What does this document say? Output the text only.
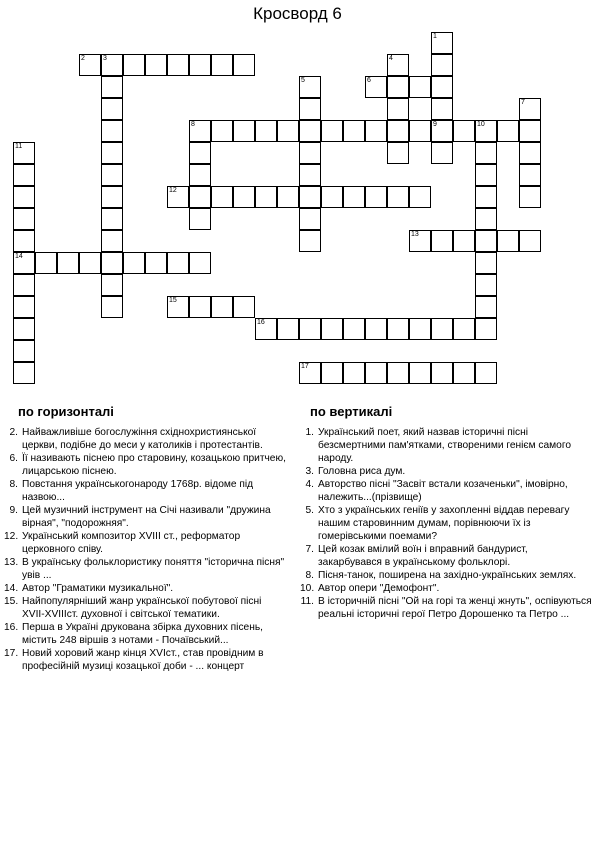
Кросворд 6
1
9
2	3	4
5	6
7
8	10
11
14
12
13
15
16
17
по горизонталі	по вертикалі
2. Найважливіше богослужіння східнохристиянської церкви, подібне до меси у католиків і протестантів.
6. Її називають піснею про старовину, козацькою притчею, лицарською піснею.
8. Повстання українськогонароду 1768р. відоме під назвою...
9. Цей музичний інструмент на Січі називали "дружина вірная", "подорожняя".
12. Український композитор XVIII ст., реформатор церковного співу.
13. В українську фольклористику поняття "історична пісня" увів ...
14. Автор "Граматики музикальної".
15. Найпопулярніший жанр української побутової пісні XVII-XVIIIст. духовної і світської тематики.
16. Перша в Україні друкована збірка духовних пісень, містить 248 віршів з нотами - Почаївський...
17. Новий хоровий жанр кінця XVIст., став провідним в професійній музиці козацької доби - ... концерт
1. Український поет, який назвав історичні пісні безсмертними пам'ятками, створеними генієм самого народу.
3. Головна риса дум.
4. Авторство пісні "Засвіт встали козаченьки", імовірно, належить...(прізвище)
5. Хто з українських геніїв у захопленні віддав перевагу нашим старовинним думам, порівнюючи їх із гомерівськими поемами?
7. Цей козак вмілий воїн і вправний бандурист, закарбувався в українському фольклорі.
8. Пісня-танок, поширена на західно-українських землях.
10. Автор опери "Демофонт".
11. В історичній пісні "Ой на горі та женці жнуть", оспівуються реальні історичні герої Петро Дорошенко та Петро ...
